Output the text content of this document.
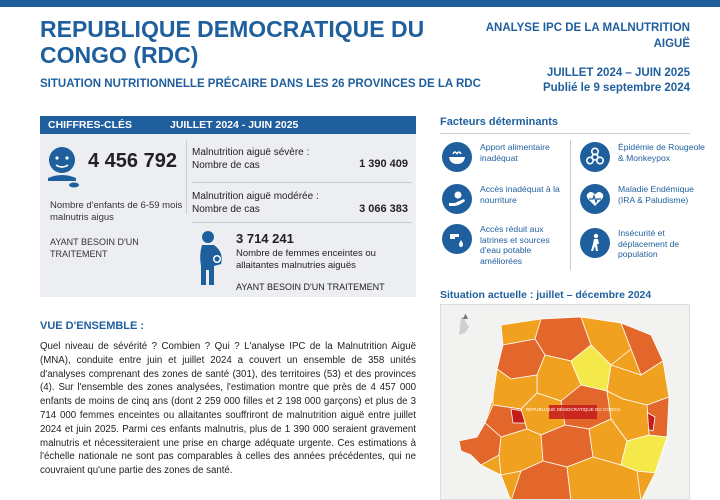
REPUBLIQUE DEMOCRATIQUE DU CONGO (RDC)
SITUATION NUTRITIONNELLE PRÉCAIRE DANS LES 26 PROVINCES DE LA RDC
ANALYSE IPC DE LA MALNUTRITION AIGUË
JUILLET 2024 – JUIN 2025
Publié le 9 septembre 2024
CHIFFRES-CLÉS	JUILLET 2024 - JUIN 2025
4 456 792
Nombre d'enfants de 6-59 mois malnutris aigus
AYANT BESOIN D'UN TRAITEMENT
Malnutrition aiguë sévère : Nombre de cas	1 390 409
Malnutrition aiguë modérée : Nombre de cas	3 066 383
3 714 241
Nombre de femmes enceintes ou allaitantes malnutries aiguës
AYANT BESOIN D'UN TRAITEMENT
VUE D'ENSEMBLE :
Quel niveau de sévérité ? Combien ? Qui ? L'analyse IPC de la Malnutrition Aiguë (MNA), conduite entre juin et juillet 2024 a couvert un ensemble de 358 unités d'analyses comprenant des zones de santé (301), des territoires (53) et des provinces (4). Sur l'ensemble des zones analysées, l'estimation montre que près de 4 457 000 enfants de moins de cinq ans (dont 2 259 000 filles et 2 198 000 garçons) et plus de 3 714 000 femmes enceintes ou allaitantes souffriront de malnutrition aiguë entre juillet 2024 et juin 2025. Parmi ces enfants malnutris, plus de 1 390 000 seraient gravement malnutris et nécessiteraient une prise en charge adéquate urgente. Ces estimations à l'échelle nationale ne sont pas comparables à celles des années précédentes, qui ne couvraient qu'une partie des zones de santé.
Facteurs déterminants
Apport alimentaire inadéquat
Épidémie de Rougeole & Monkeypox
Accès inadéquat à la nourriture
Maladie Endémique (IRA & Paludisme)
Accès réduit aux latrines et sources d'eau potable améliorées
Insécurité et déplacement de population
Situation actuelle : juillet – décembre 2024
▲
RÉPUBLIQUE DÉMOCRATIQUE DU CONGO
